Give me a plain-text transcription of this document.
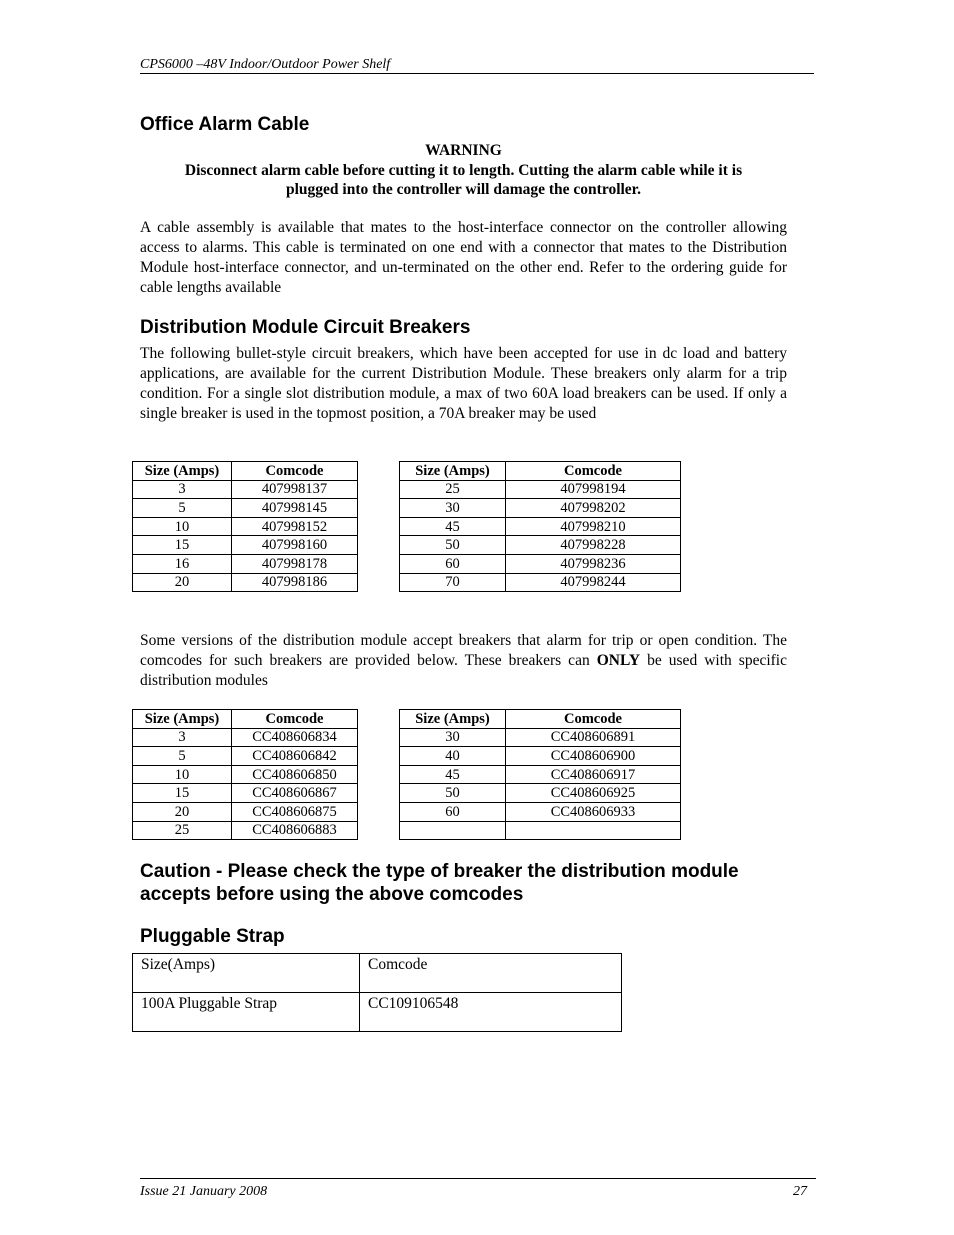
CPS6000 –48V Indoor/Outdoor Power Shelf
Office Alarm Cable
WARNING
Disconnect alarm cable before cutting it to length. Cutting the alarm cable while it is
plugged into the controller will damage the controller.

A cable assembly is available that mates to the host-interface connector on the controller allowing access to alarms. This cable is terminated on one end with a connector that mates to the Distribution Module host-interface connector, and un-terminated on the other end. Refer to the ordering guide for cable lengths available

Distribution Module Circuit Breakers

The following bullet-style circuit breakers, which have been accepted for use in dc load and battery applications, are available for the current Distribution Module. These breakers only alarm for a trip condition. For a single slot distribution module, a max of two 60A load breakers can be used. If only a single breaker is used in the topmost position, a 70A breaker may be used

Size (Amps)	Comcode
3	407998137
5	407998145
10	407998152
15	407998160
16	407998178
20	407998186
Size (Amps)	Comcode
25	407998194
30	407998202
45	407998210
50	407998228
60	407998236
70	407998244

Some versions of the distribution module accept breakers that alarm for trip or open condition. The comcodes for such breakers are provided below. These breakers can ONLY be used with specific distribution modules

Size (Amps)	Comcode
3	CC408606834
5	CC408606842
10	CC408606850
15	CC408606867
20	CC408606875
25	CC408606883
Size (Amps)	Comcode
30	CC408606891
40	CC408606900
45	CC408606917
50	CC408606925
60	CC408606933

Caution - Please check the type of breaker the distribution module
accepts before using the above comcodes
Pluggable Strap
Size(Amps)	Comcode
100A Pluggable Strap	CC109106548
Issue 21 January 2008	27
